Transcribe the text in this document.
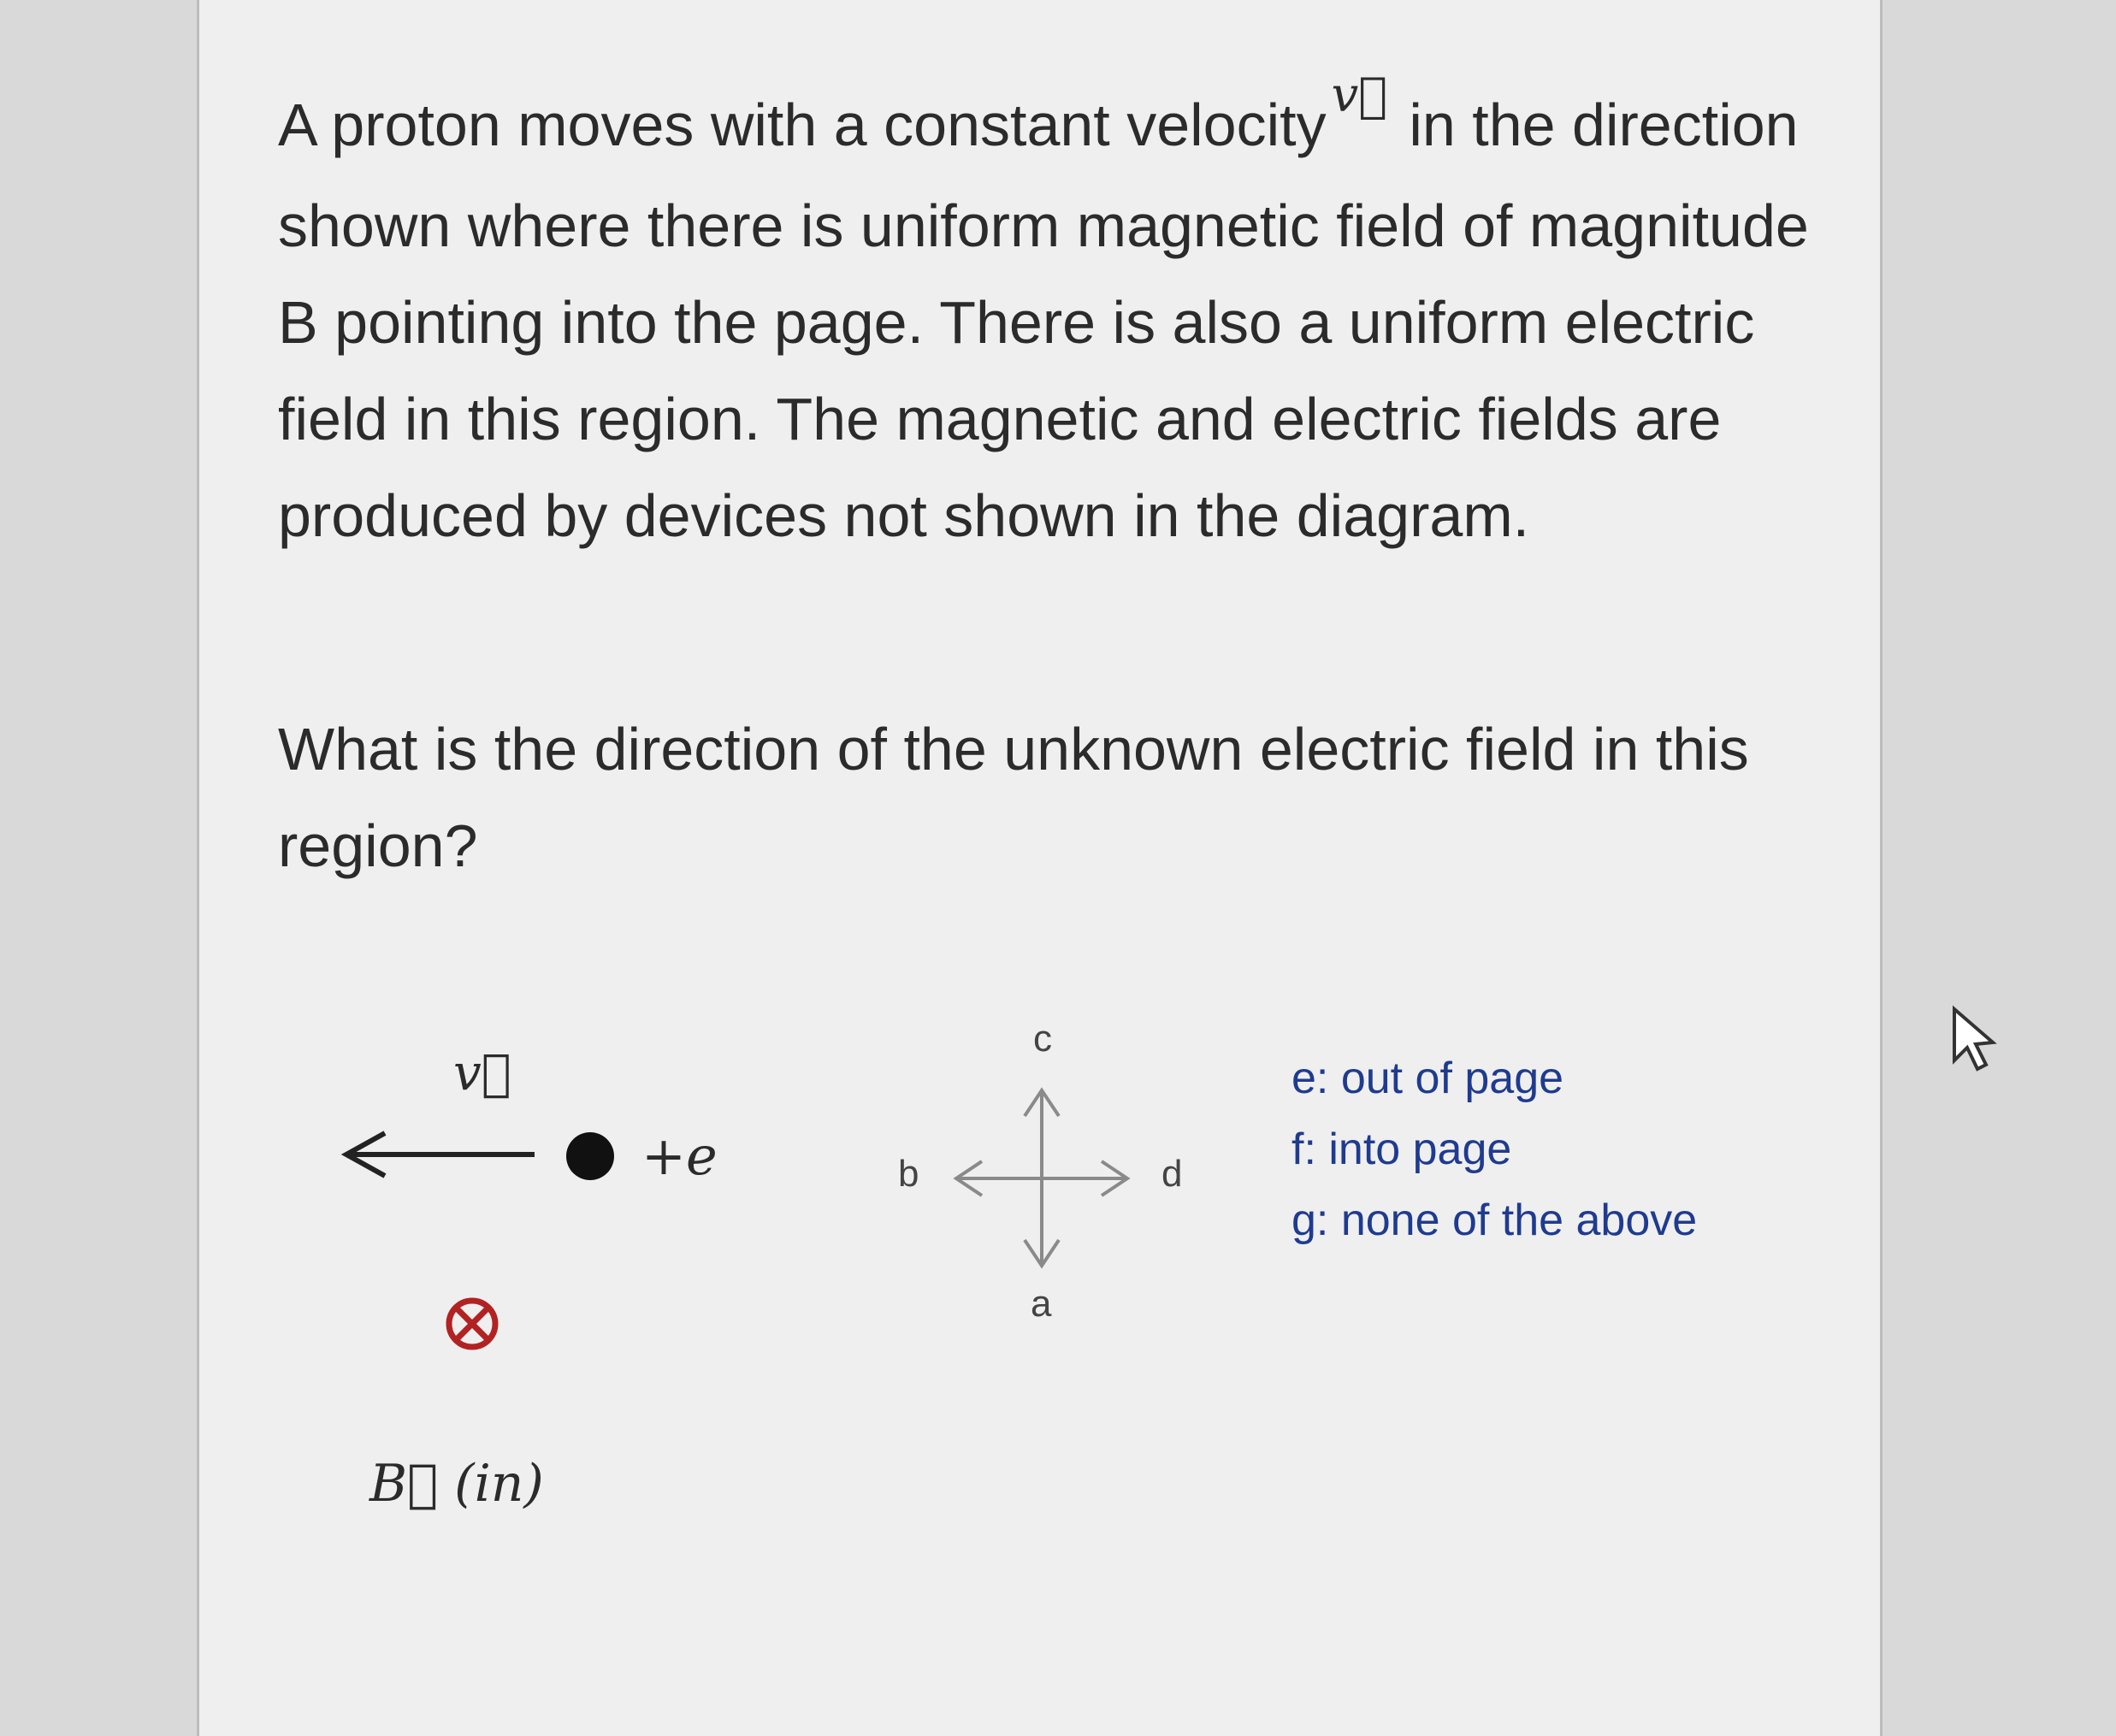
A proton moves with a constant velocity $^{v⃗}$ in the direction shown where there is uniform magnetic field of magnitude B pointing into the page. There is also a uniform electric field in this region. The magnetic and electric fields are produced by devices not shown in the diagram.

What is the direction of the unknown electric field in this region?

v⃗
+e
B⃗ (in)
c
b	d
a
e: out of page
f: into page
g: none of the above
